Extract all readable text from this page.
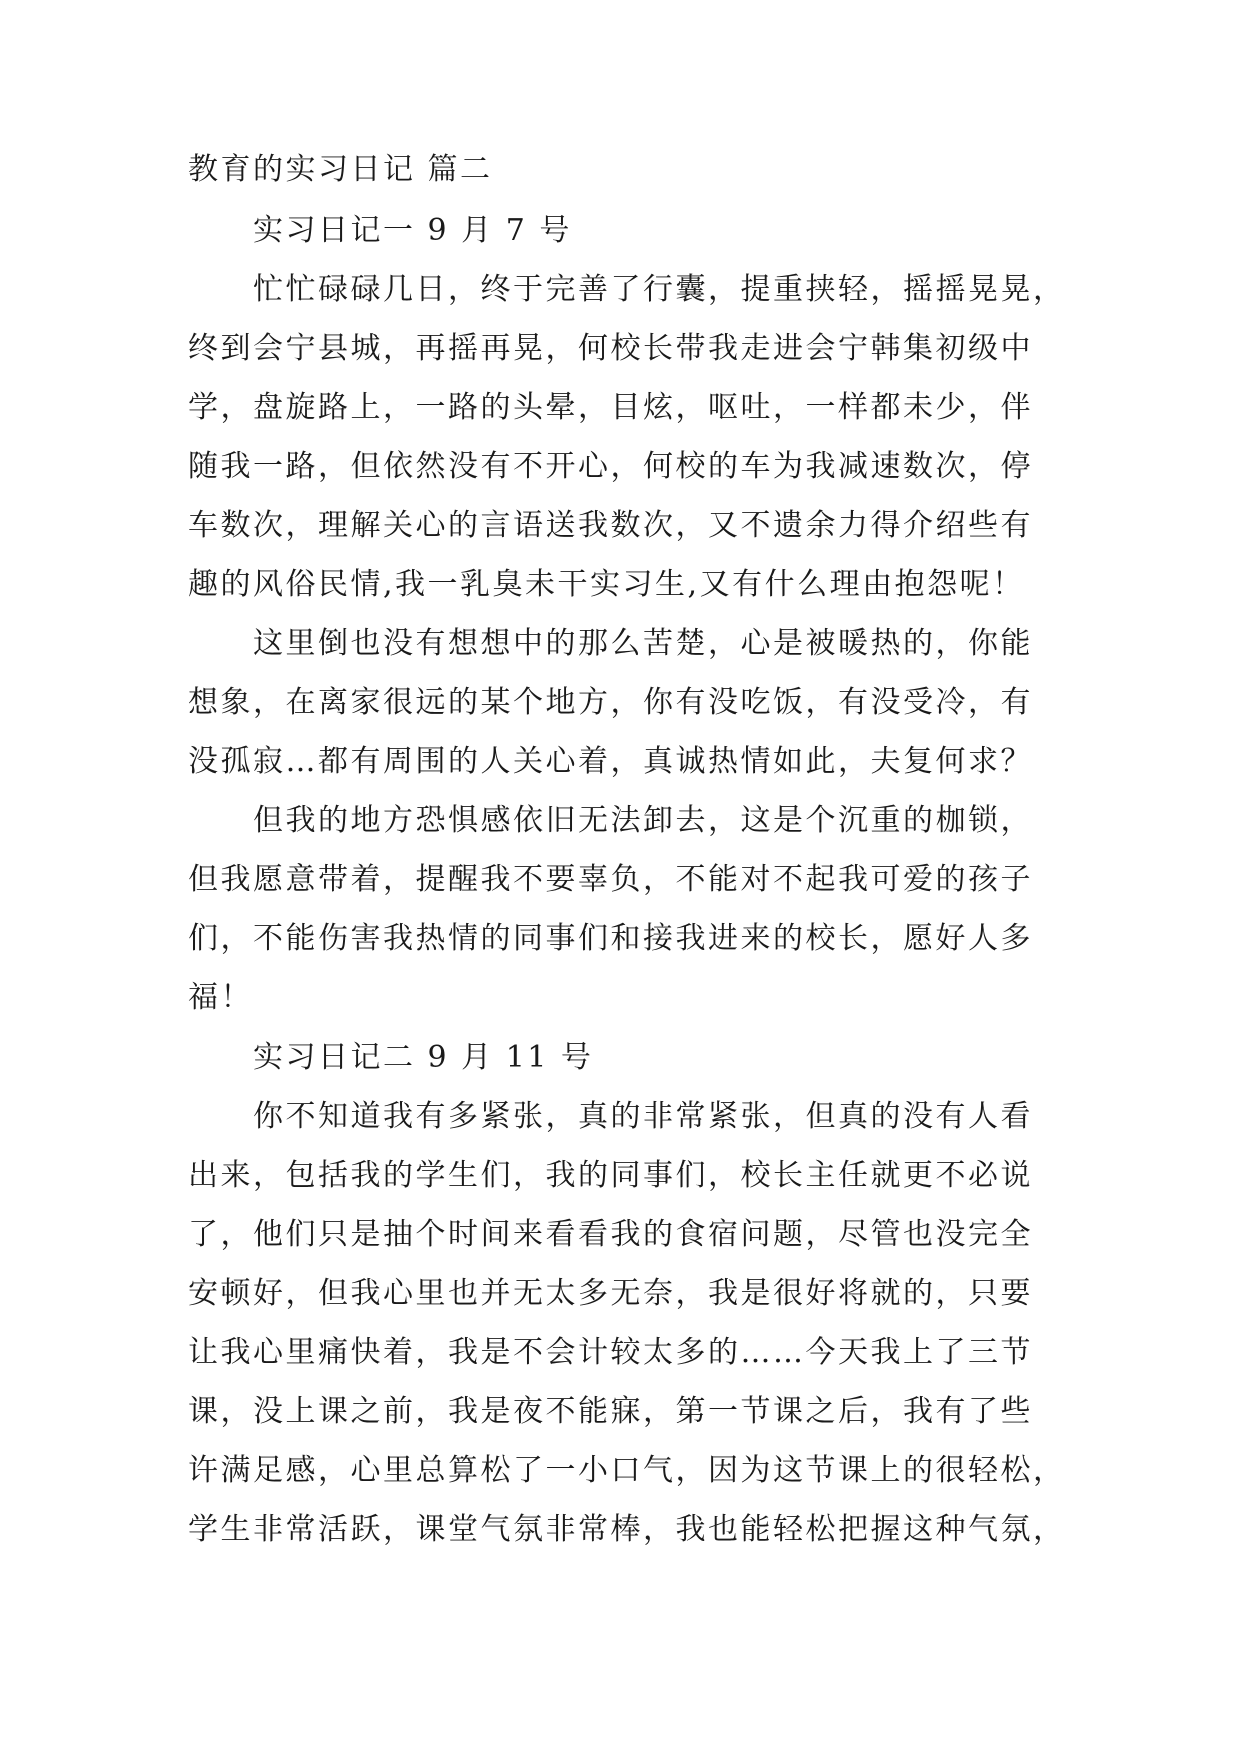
教育的实习日记 篇二
实习日记一 9 月 7 号
忙忙碌碌几日，终于完善了行囊，提重挟轻，摇摇晃晃，
终到会宁县城，再摇再晃，何校长带我走进会宁韩集初级中
学，盘旋路上，一路的头晕，目炫，呕吐，一样都未少，伴
随我一路，但依然没有不开心，何校的车为我减速数次，停
车数次，理解关心的言语送我数次，又不遗余力得介绍些有
趣的风俗民情,我一乳臭未干实习生,又有什么理由抱怨呢！
这里倒也没有想想中的那么苦楚，心是被暖热的，你能
想象，在离家很远的某个地方，你有没吃饭，有没受冷，有
没孤寂…都有周围的人关心着，真诚热情如此，夫复何求？
但我的地方恐惧感依旧无法卸去，这是个沉重的枷锁，
但我愿意带着，提醒我不要辜负，不能对不起我可爱的孩子
们，不能伤害我热情的同事们和接我进来的校长，愿好人多
福！
实习日记二 9 月 11 号
你不知道我有多紧张，真的非常紧张，但真的没有人看
出来，包括我的学生们，我的同事们，校长主任就更不必说
了，他们只是抽个时间来看看我的食宿问题，尽管也没完全
安顿好，但我心里也并无太多无奈，我是很好将就的，只要
让我心里痛快着，我是不会计较太多的……今天我上了三节
课，没上课之前，我是夜不能寐，第一节课之后，我有了些
许满足感，心里总算松了一小口气，因为这节课上的很轻松，
学生非常活跃，课堂气氛非常棒，我也能轻松把握这种气氛，
